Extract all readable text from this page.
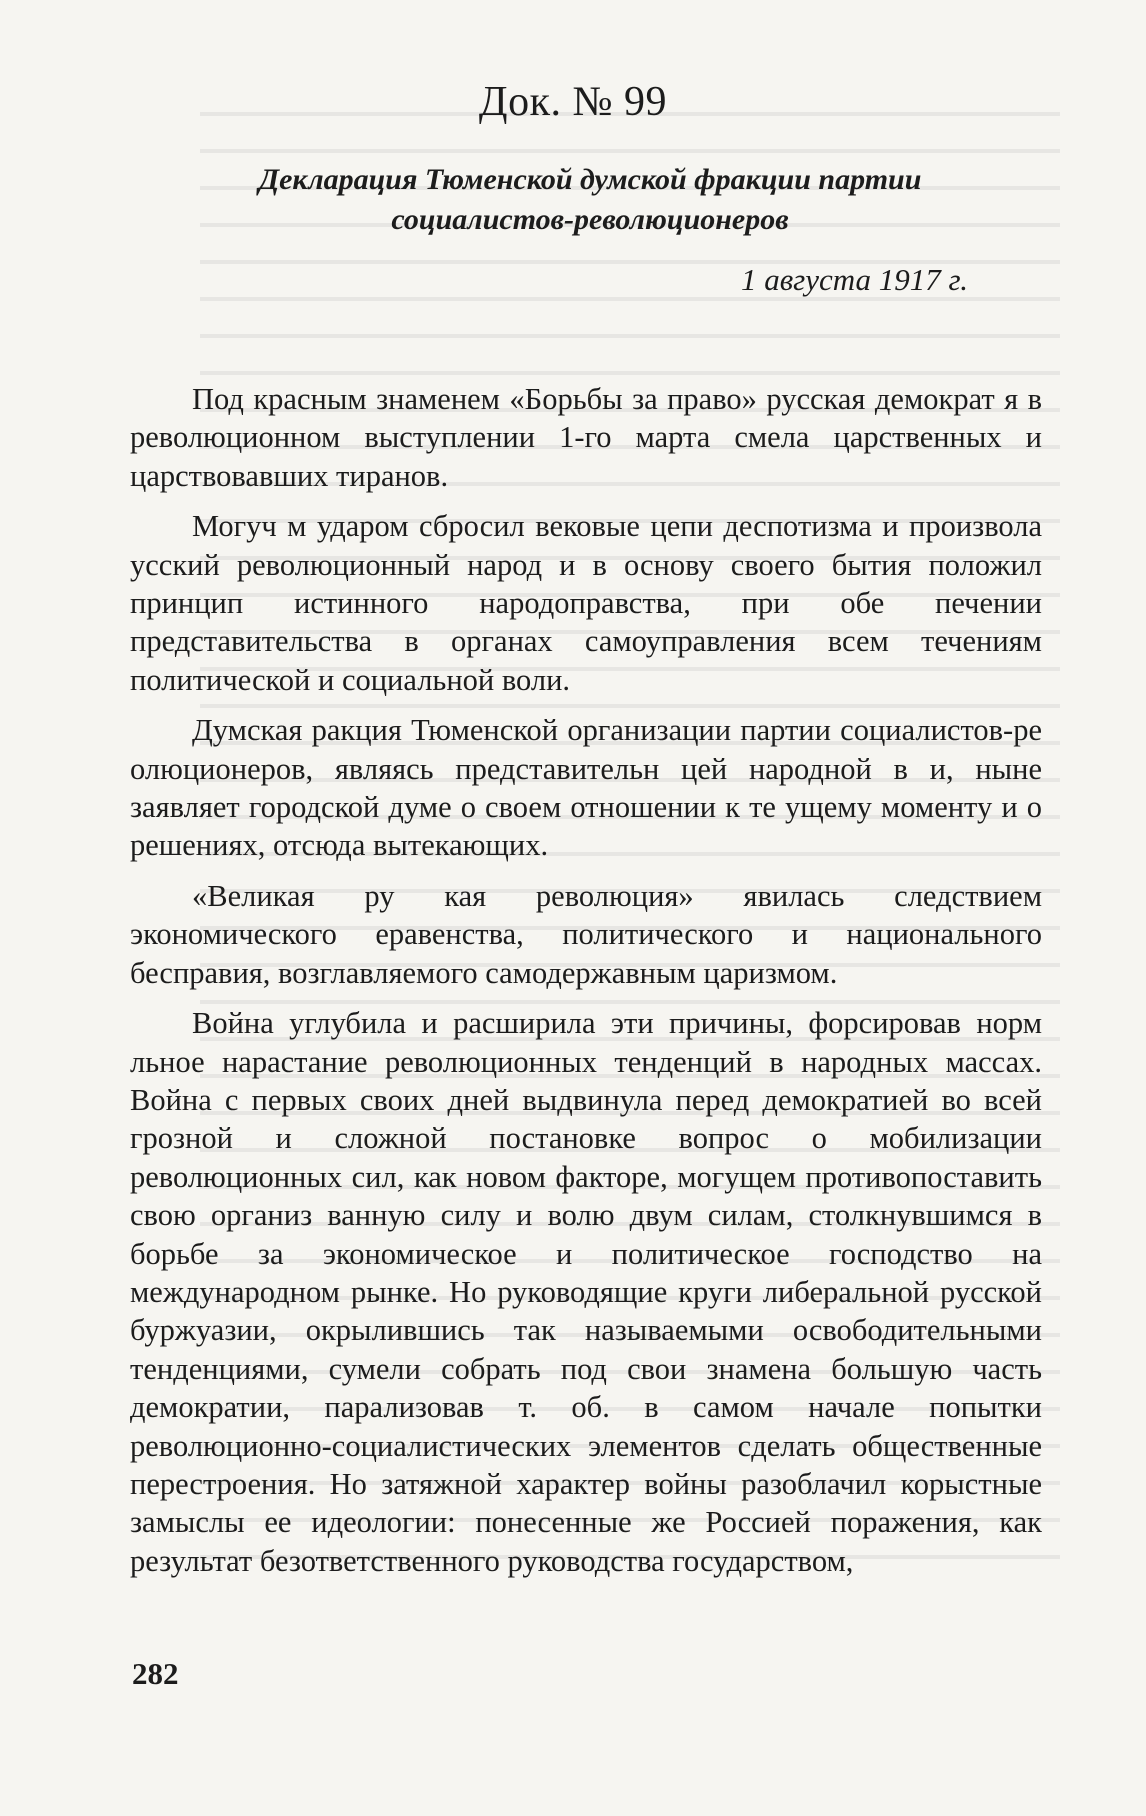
Док. № 99
Декларация Тюменской думской фракции партии
социалистов-революционеров

1 августа 1917 г.

Под красным знаменем «Борьбы за право» русская демократ я в революционном выступлении 1-го марта смела царственных и царствовавших тиранов.

Могуч м ударом сбросил вековые цепи деспотизма и произвола усский революционный народ и в основу своего бытия положил принцип истинного народоправства, при обе печении представительства в органах самоуправления всем течениям политической и социальной воли.

Думская ракция Тюменской организации партии социалистов-ре олюционеров, являясь представительн цей народной в и, ныне заявляет городской думе о своем отношении к те ущему моменту и о решениях, отсюда вытекающих.

«Великая ру кая революция» явилась следствием экономического еравенства, политического и национального бесправия, возглавляемого самодержавным царизмом.

Война углубила и расширила эти причины, форсировав норм льное нарастание революционных тенденций в народных массах. Война с первых своих дней выдвинула перед демократией во всей грозной и сложной постановке вопрос о мобилизации революционных сил, как новом факторе, могущем противопоставить свою организ ванную силу и волю двум силам, столкнувшимся в борьбе за экономическое и политическое господство на международном рынке. Но руководящие круги либеральной русской буржуазии, окрылившись так называемыми освободительными тенденциями, сумели собрать под свои знамена большую часть демократии, парализовав т. об. в самом начале попытки революционно-социалистических элементов сделать общественные перестроения. Но затяжной характер войны разоблачил корыстные замыслы ее идеологии: понесенные же Россией поражения, как результат безответственного руководства государством,

282
